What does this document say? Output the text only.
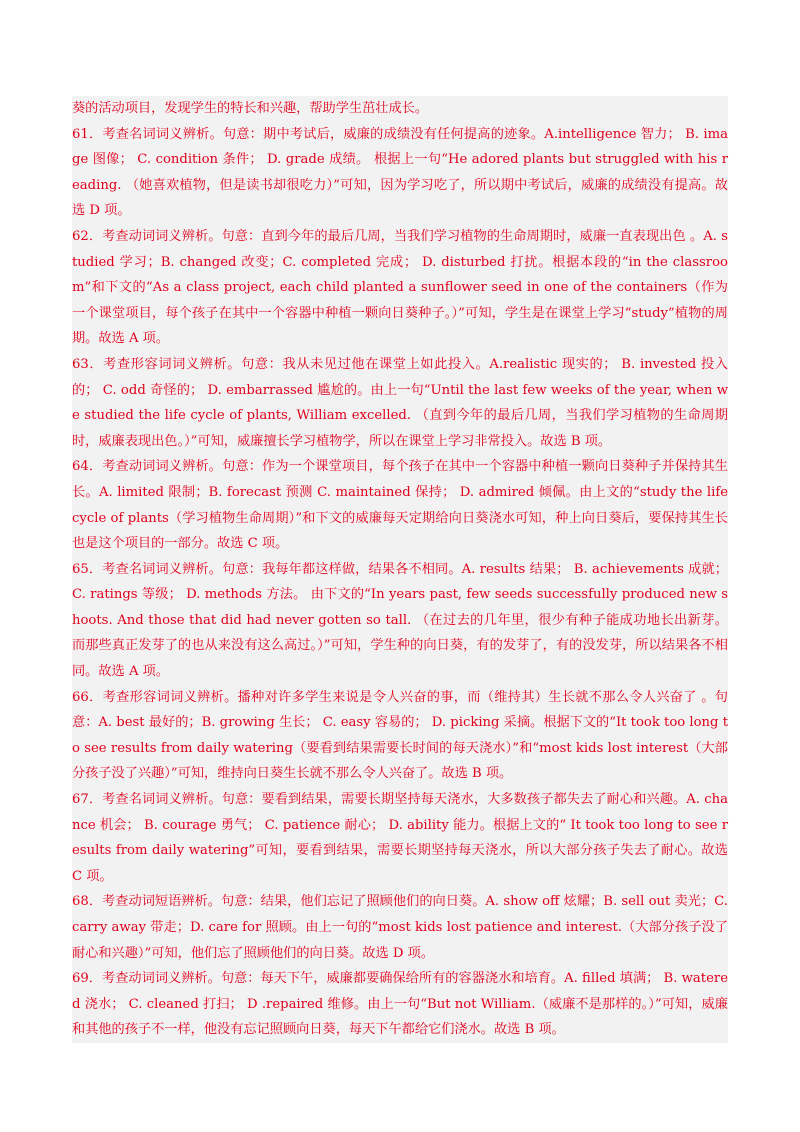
葵的活动项目，发现学生的特长和兴趣，帮助学生茁壮成长。

61．考查名词词义辨析。句意：期中考试后，威廉的成绩没有任何提高的迹象。A.intelligence 智力； B. image 图像； C. condition 条件； D. grade 成绩。 根据上一句“He adored plants but struggled with his reading. （她喜欢植物，但是读书却很吃力）”可知，因为学习吃了，所以期中考试后，威廉的成绩没有提高。故选 D 项。

62．考查动词词义辨析。句意：直到今年的最后几周，当我们学习植物的生命周期时，威廉一直表现出色 。A. studied 学习；B. changed 改变；C. completed 完成； D. disturbed 打扰。根据本段的“in the classroom”和下文的“As a class project, each child planted a sunflower seed in one of the containers（作为一个课堂项目，每个孩子在其中一个容器中种植一颗向日葵种子。）”可知，学生是在课堂上学习“study”植物的周期。故选 A 项。

63．考查形容词词义辨析。句意：我从未见过他在课堂上如此投入。A.realistic 现实的； B. invested 投入的； C. odd 奇怪的； D. embarrassed 尴尬的。由上一句“Until the last few weeks of the year, when we studied the life cycle of plants, William excelled. （直到今年的最后几周，当我们学习植物的生命周期时，威廉表现出色。）”可知，威廉擅长学习植物学，所以在课堂上学习非常投入。故选 B 项。

64．考查动词词义辨析。句意：作为一个课堂项目，每个孩子在其中一个容器中种植一颗向日葵种子并保持其生长。A. limited 限制；B. forecast 预测 C. maintained 保持； D. admired 倾佩。由上文的“study the life cycle of plants（学习植物生命周期）”和下文的威廉每天定期给向日葵浇水可知，种上向日葵后，要保持其生长也是这个项目的一部分。故选 C 项。

65．考查名词词义辨析。句意：我每年都这样做，结果各不相同。A. results 结果； B. achievements 成就；C. ratings 等级； D. methods 方法。 由下文的“In years past, few seeds successfully produced new shoots. And those that did had never gotten so tall. （在过去的几年里，很少有种子能成功地长出新芽。而那些真正发芽了的也从来没有这么高过。）”可知，学生种的向日葵，有的发芽了，有的没发芽，所以结果各不相同。故选 A 项。

66．考查形容词词义辨析。播种对许多学生来说是令人兴奋的事，而（维持其）生长就不那么令人兴奋了 。句意：A. best 最好的；B. growing 生长； C. easy 容易的； D. picking 采摘。根据下文的“It took too long to see results from daily watering（要看到结果需要长时间的每天浇水）”和“most kids lost interest（大部分孩子没了兴趣）”可知，维持向日葵生长就不那么令人兴奋了。故选 B 项。

67．考查名词词义辨析。句意：要看到结果，需要长期坚持每天浇水，大多数孩子都失去了耐心和兴趣。A. chance 机会； B. courage 勇气； C. patience 耐心； D. ability 能力。根据上文的“ It took too long to see results from daily watering”可知，要看到结果，需要长期坚持每天浇水，所以大部分孩子失去了耐心。故选 C 项。

68．考查动词短语辨析。句意：结果，他们忘记了照顾他们的向日葵。A. show off 炫耀；B. sell out 卖光；C. carry away 带走；D. care for 照顾。由上一句的“most kids lost patience and interest.（大部分孩子没了耐心和兴趣）”可知，他们忘了照顾他们的向日葵。故选 D 项。

69．考查动词词义辨析。句意：每天下午，威廉都要确保给所有的容器浇水和培育。A. filled 填满； B. watered 浇水； C. cleaned 打扫； D .repaired 维修。由上一句“But not William.（威廉不是那样的。）”可知，威廉和其他的孩子不一样，他没有忘记照顾向日葵，每天下午都给它们浇水。故选 B 项。
